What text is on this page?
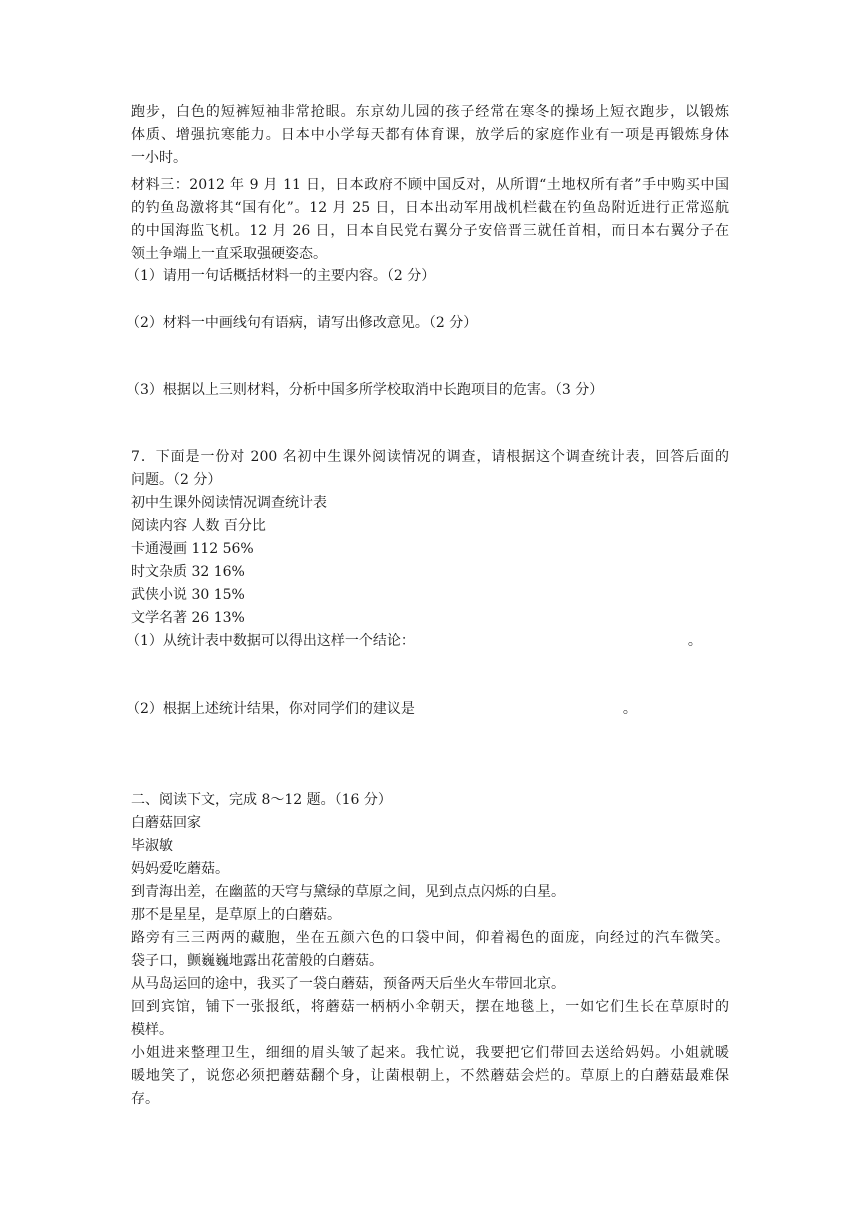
跑步，白色的短裤短袖非常抢眼。东京幼儿园的孩子经常在寒冬的操场上短衣跑步，以锻炼
体质、增强抗寒能力。日本中小学每天都有体育课，放学后的家庭作业有一项是再锻炼身体
一小时。
材料三：2012 年 9 月 11 日，日本政府不顾中国反对，从所谓“土地权所有者”手中购买中国
的钓鱼岛激将其“国有化”。12 月 25 日，日本出动军用战机栏截在钓鱼岛附近进行正常巡航
的中国海监飞机。12 月 26 日，日本自民党右翼分子安倍晋三就任首相，而日本右翼分子在
领土争端上一直采取强硬姿态。
（1）请用一句话概括材料一的主要内容。（2 分）
（2）材料一中画线句有语病，请写出修改意见。（2 分）
（3）根据以上三则材料，分析中国多所学校取消中长跑项目的危害。（3 分）
7．下面是一份对 200 名初中生课外阅读情况的调查，请根据这个调查统计表，回答后面的
问题。（2 分）
初中生课外阅读情况调查统计表
阅读内容 人数 百分比
卡通漫画 112 56%
时文杂质 32 16%
武侠小说 30 15%
文学名著 26 13%
（1）从统计表中数据可以得出这样一个结论：	。
（2）根据上述统计结果，你对同学们的建议是	。
二、阅读下文，完成 8～12 题。（16 分）
白蘑菇回家
毕淑敏
妈妈爱吃蘑菇。
到青海出差，在幽蓝的天穹与黛绿的草原之间，见到点点闪烁的白星。
那不是星星，是草原上的白蘑菇。
路旁有三三两两的藏胞，坐在五颜六色的口袋中间，仰着褐色的面庞，向经过的汽车微笑。
袋子口，颤巍巍地露出花蕾般的白蘑菇。
从马岛运回的途中，我买了一袋白蘑菇，预备两天后坐火车带回北京。
回到宾馆，铺下一张报纸，将蘑菇一柄柄小伞朝天，摆在地毯上，一如它们生长在草原时的
模样。
小姐进来整理卫生，细细的眉头皱了起来。我忙说，我要把它们带回去送给妈妈。小姐就暖
暖地笑了，说您必须把蘑菇翻个身，让菌根朝上，不然蘑菇会烂的。草原上的白蘑菇最难保
存。
